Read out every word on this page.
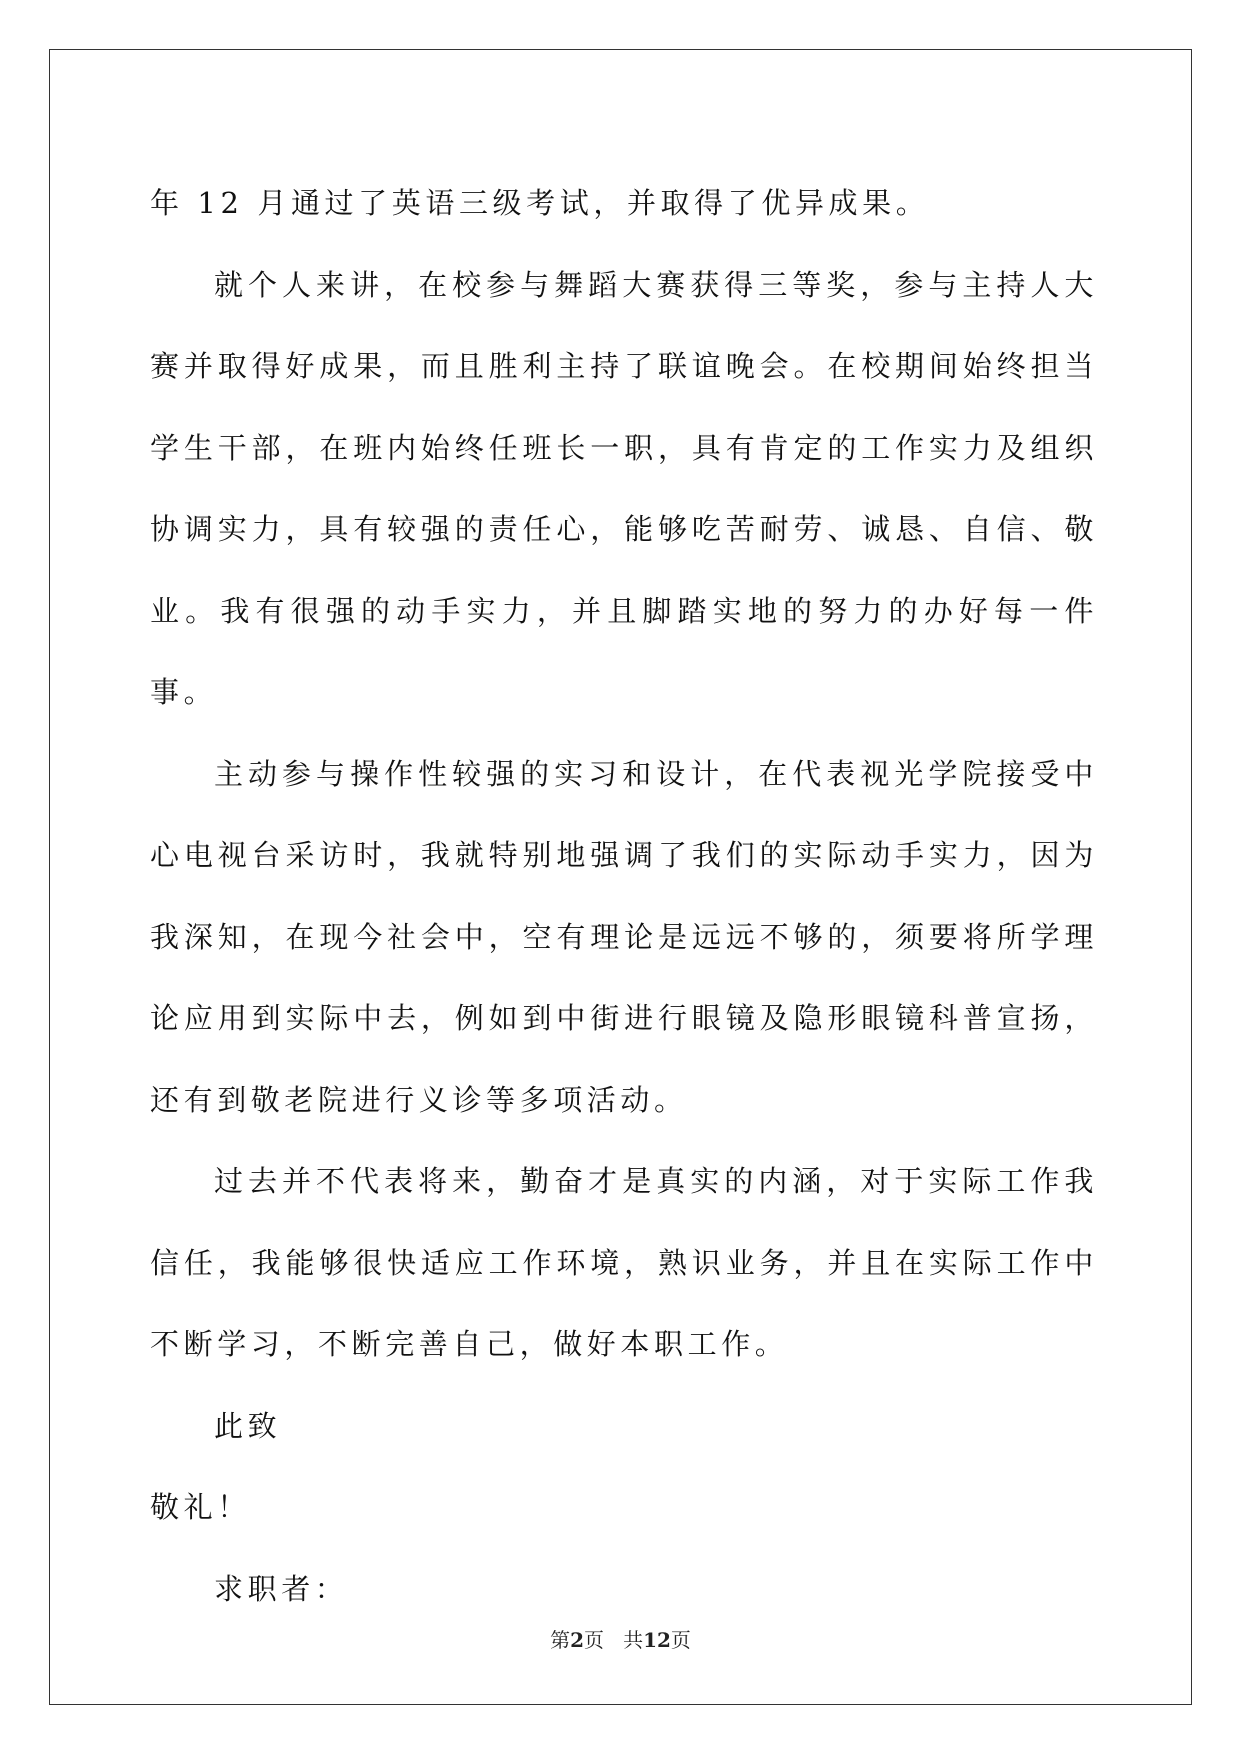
年 12 月通过了英语三级考试，并取得了优异成果。

就个人来讲，在校参与舞蹈大赛获得三等奖，参与主持人大赛并取得好成果，而且胜利主持了联谊晚会。在校期间始终担当学生干部，在班内始终任班长一职，具有肯定的工作实力及组织协调实力，具有较强的责任心，能够吃苦耐劳、诚恳、自信、敬业。我有很强的动手实力，并且脚踏实地的努力的办好每一件事。

主动参与操作性较强的实习和设计，在代表视光学院接受中心电视台采访时，我就特别地强调了我们的实际动手实力，因为我深知，在现今社会中，空有理论是远远不够的，须要将所学理论应用到实际中去，例如到中街进行眼镜及隐形眼镜科普宣扬，还有到敬老院进行义诊等多项活动。

过去并不代表将来，勤奋才是真实的内涵，对于实际工作我信任，我能够很快适应工作环境，熟识业务，并且在实际工作中不断学习，不断完善自己，做好本职工作。

此致

敬礼！

求职者：

第2页 共12页
